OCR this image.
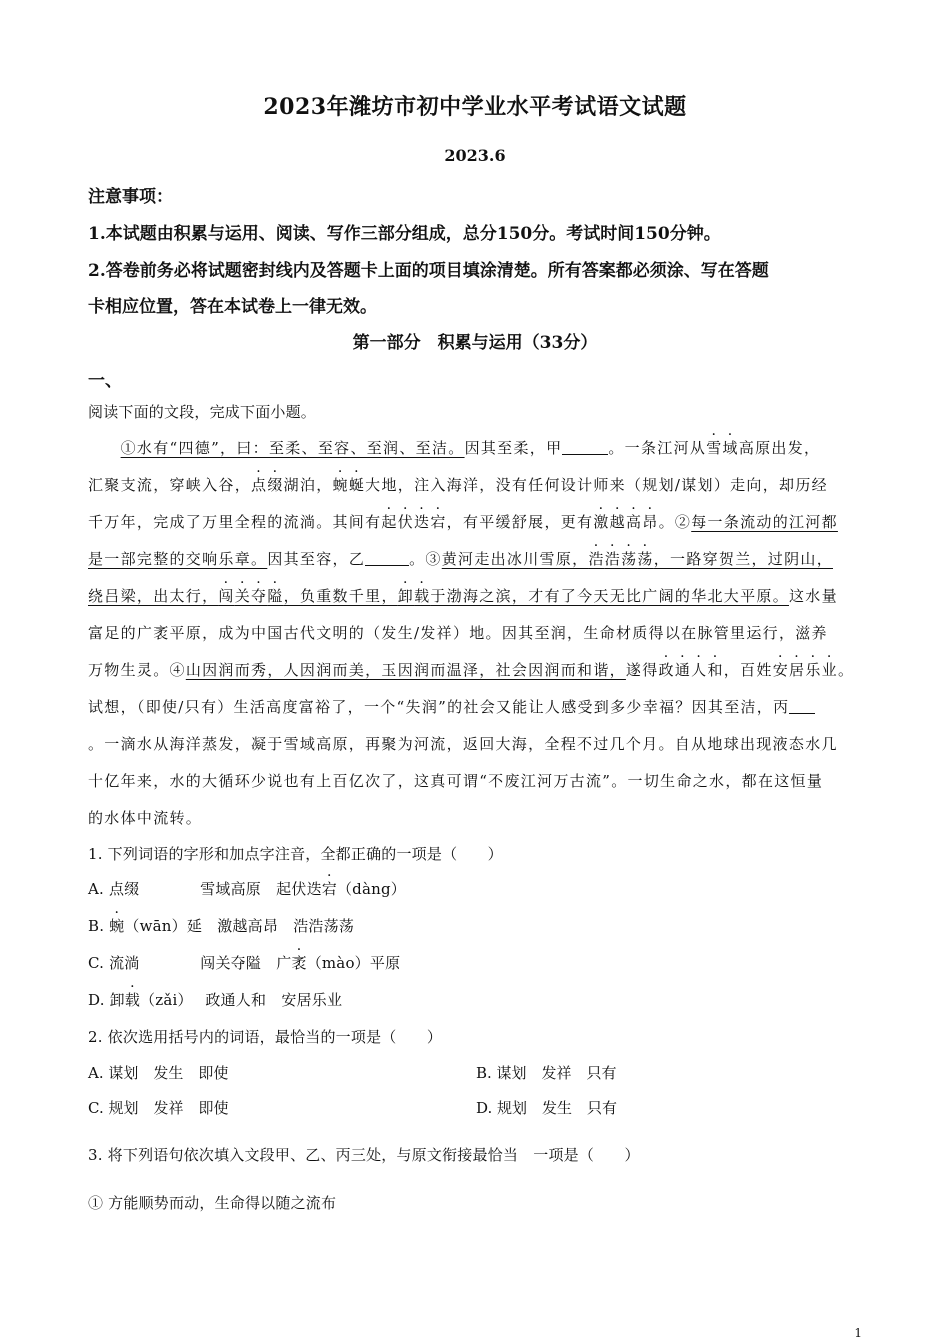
2023年潍坊市初中学业水平考试语文试题
2023.6
注意事项：
1.本试题由积累与运用、阅读、写作三部分组成，总分150分。考试时间150分钟。
2.答卷前务必将试题密封线内及答题卡上面的项目填涂清楚。所有答案都必须涂、写在答题
卡相应位置，答在本试卷上一律无效。
第一部分　积累与运用（33分）
一、
阅读下面的文段，完成下面小题。
　　①水有“四德”，曰：至柔、至容、至润、至洁。因其至柔，甲	。一条江河从雪域高原出发，
汇聚支流，穿峡入谷，点缀湖泊，蜿蜒大地，注入海洋，没有任何设计师来（规划/谋划）走向，却历经
千万年，完成了万里全程的流淌。其间有起伏迭宕，有平缓舒展，更有激越高昂。②每一条流动的江河都
是一部完整的交响乐章。因其至容，乙	。③黄河走出冰川雪原，浩浩荡荡，一路穿贺兰，过阴山，
绕吕梁，出太行，闯关夺隘，负重数千里，卸载于渤海之滨，才有了今天无比广阔的华北大平原。这水量
富足的广袤平原，成为中国古代文明的（发生/发祥）地。因其至润，生命材质得以在脉管里运行，滋养
万物生灵。④山因润而秀，人因润而美，玉因润而温泽，社会因润而和谐，遂得政通人和，百姓安居乐业。
试想，（即使/只有）生活高度富裕了，一个“失润”的社会又能让人感受到多少幸福？因其至洁，丙
。一滴水从海洋蒸发，凝于雪域高原，再聚为河流，返回大海，全程不过几个月。自从地球出现液态水几
十亿年来，水的大循环少说也有上百亿次了，这真可谓“不废江河万古流”。一切生命之水，都在这恒量
的水体中流转。
1. 下列词语的字形和加点字注音，全都正确的一项是（　　）
A. 点缀　　　　雪域高原　起伏迭宕（dàng）
B. 蜿（wān）延　激越高昂　浩浩荡荡
C. 流淌　　　　闯关夺隘　广袤（mào）平原
D. 卸载（zǎi）　 政通人和　安居乐业
2. 依次选用括号内的词语，最恰当的一项是（　　）
A. 谋划　发生　即使	B. 谋划　发祥　只有
C. 规划　发祥　即使	D. 规划　发生　只有
3. 将下列语句依次填入文段甲、乙、丙三处，与原文衔接最恰当　一项是（　　）
① 方能顺势而动，生命得以随之流布
1
